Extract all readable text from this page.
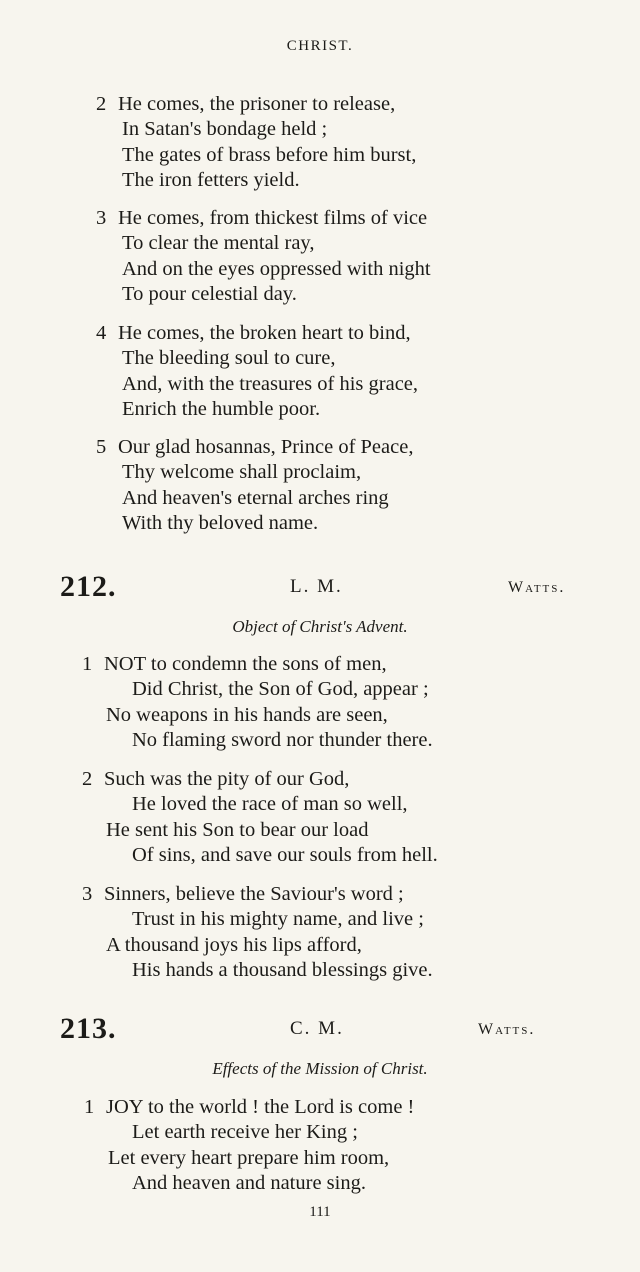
CHRIST.
2 He comes, the prisoner to release,
In Satan's bondage held ;
The gates of brass before him burst,
The iron fetters yield.
3 He comes, from thickest films of vice
To clear the mental ray,
And on the eyes oppressed with night
To pour celestial day.
4 He comes, the broken heart to bind,
The bleeding soul to cure,
And, with the treasures of his grace,
Enrich the humble poor.
5 Our glad hosannas, Prince of Peace,
Thy welcome shall proclaim,
And heaven's eternal arches ring
With thy beloved name.
212.	L. M.	Watts.
Object of Christ's Advent.
1 NOT to condemn the sons of men,
Did Christ, the Son of God, appear ;
No weapons in his hands are seen,
No flaming sword nor thunder there.
2 Such was the pity of our God,
He loved the race of man so well,
He sent his Son to bear our load
Of sins, and save our souls from hell.
3 Sinners, believe the Saviour's word ;
Trust in his mighty name, and live ;
A thousand joys his lips afford,
His hands a thousand blessings give.
213.	C. M.	Watts.
Effects of the Mission of Christ.
1 JOY to the world ! the Lord is come !
Let earth receive her King ;
Let every heart prepare him room,
And heaven and nature sing.
111
